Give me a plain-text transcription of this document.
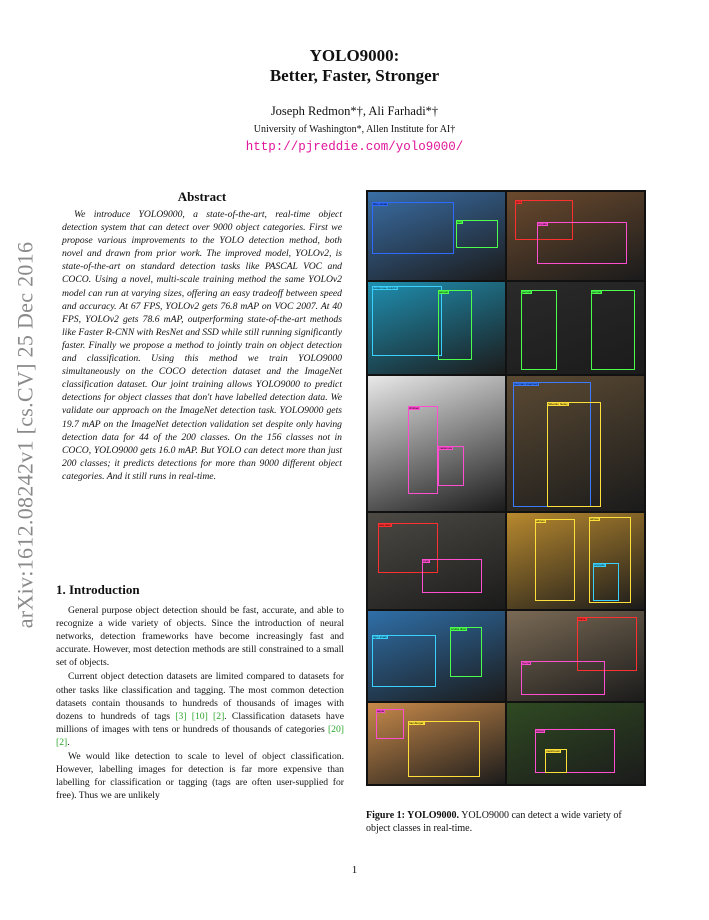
arXiv:1612.08242v1 [cs.CV] 25 Dec 2016
YOLO9000:
Better, Faster, Stronger
Joseph Redmon*†, Ali Farhadi*†
University of Washington*, Allen Institute for AI†
http://pjreddie.com/yolo9000/
Abstract
We introduce YOLO9000, a state-of-the-art, real-time object detection system that can detect over 9000 object categories. First we propose various improvements to the YOLO detection method, both novel and drawn from prior work. The improved model, YOLOv2, is state-of-the-art on standard detection tasks like PASCAL VOC and COCO. Using a novel, multi-scale training method the same YOLOv2 model can run at varying sizes, offering an easy tradeoff between speed and accuracy. At 67 FPS, YOLOv2 gets 76.8 mAP on VOC 2007. At 40 FPS, YOLOv2 gets 78.6 mAP, outperforming state-of-the-art methods like Faster R-CNN with ResNet and SSD while still running significantly faster. Finally we propose a method to jointly train on object detection and classification. Using this method we train YOLO9000 simultaneously on the COCO detection dataset and the ImageNet classification dataset. Our joint training allows YOLO9000 to predict detections for object classes that don't have labelled detection data. We validate our approach on the ImageNet detection task. YOLO9000 gets 19.7 mAP on the ImageNet detection validation set despite only having detection data for 44 of the 200 classes. On the 156 classes not in COCO, YOLO9000 gets 16.0 mAP. But YOLO can detect more than just 200 classes; it predicts detections for more than 9000 different object categories. And it still runs in real-time.
1. Introduction

General purpose object detection should be fast, accurate, and able to recognize a wide variety of objects. Since the introduction of neural networks, detection frameworks have become increasingly fast and accurate. However, most detection methods are still constrained to a small set of objects.

Current object detection datasets are limited compared to datasets for other tasks like classification and tagging. The most common detection datasets contain thousands to hundreds of thousands of images with dozens to hundreds of tags [3] [10] [2]. Classification datasets have millions of images with tens or hundreds of thousands of categories [20] [2].

We would like detection to scale to level of object classification. However, labelling images for detection is far more expensive than labelling for classification or tagging (tags are often user-supplied for free). Thus we are unlikely

blue whale
tern
lynx
impala
bottlenose dolphin
person	person	person
chicken
malamute
German shepherd
Siberian husky
sea otter
crab
athlete	athlete
unicycle
tiger shark
scuba diver
crane
hyena
apple
hamburger
bolete
mushroom
Figure 1: YOLO9000. YOLO9000 can detect a wide variety of object classes in real-time.
1
